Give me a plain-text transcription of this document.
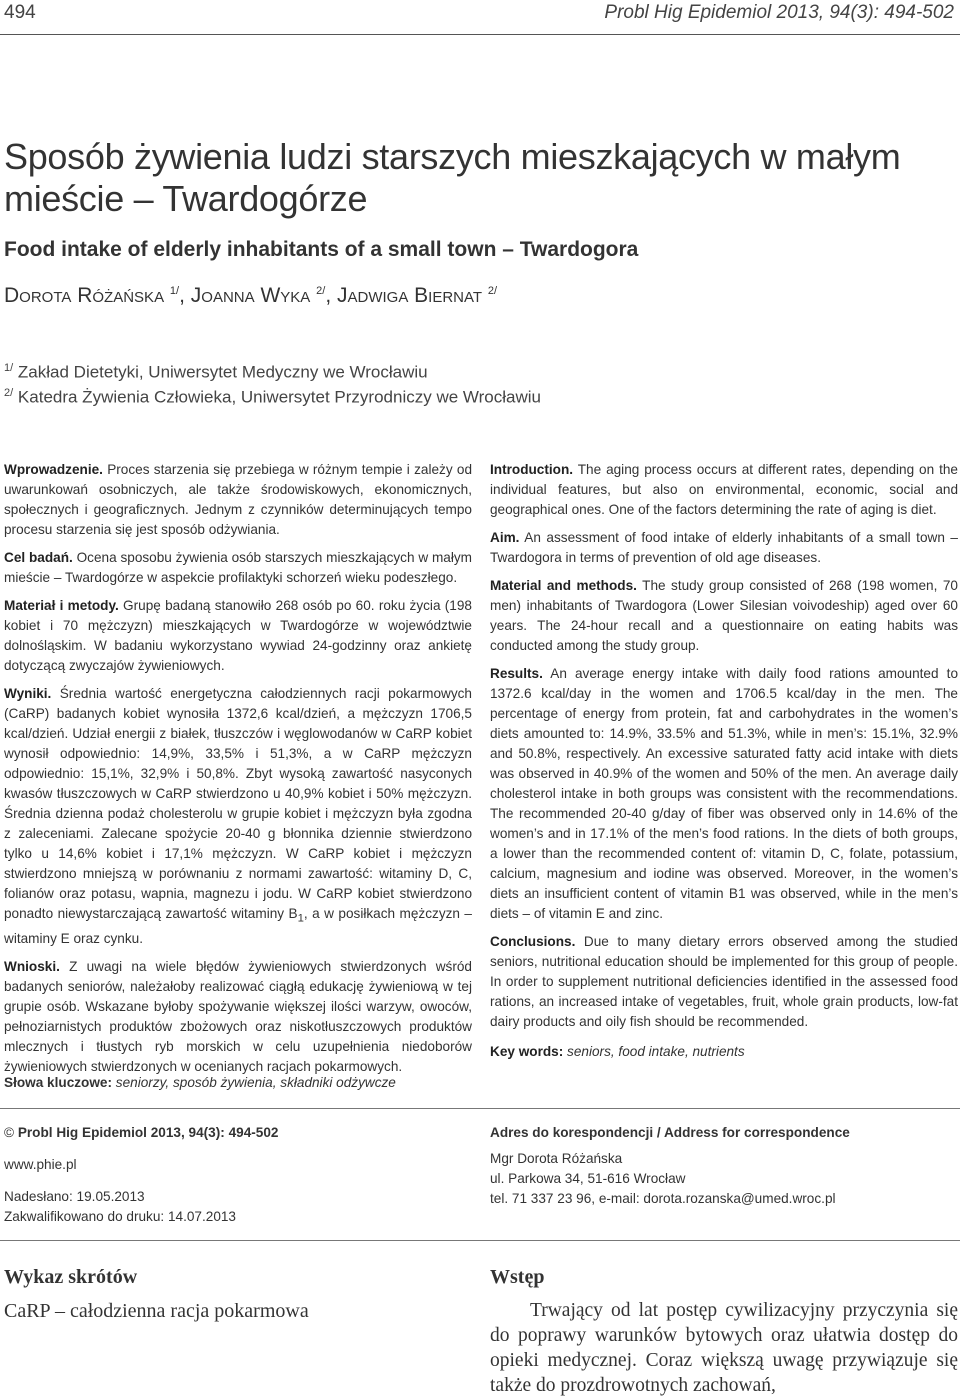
494	Probl Hig Epidemiol 2013, 94(3): 494-502
Sposób żywienia ludzi starszych mieszkających w małym mieście – Twardogórze
Food intake of elderly inhabitants of a small town – Twardogora
Dorota Różańska $^{1/}$, Joanna Wyka $^{2/}$, Jadwiga Biernat $^{2/}$
$^{1/}$ Zakład Dietetyki, Uniwersytet Medyczny we Wrocławiu
$^{2/}$ Katedra Żywienia Człowieka, Uniwersytet Przyrodniczy we Wrocławiu

Wprowadzenie. Proces starzenia się przebiega w różnym tempie i zależy od uwarunkowań osobniczych, ale także środowiskowych, ekonomicznych, społecznych i geograficznych. Jednym z czynników determinujących tempo procesu starzenia się jest sposób odżywiania.

Cel badań. Ocena sposobu żywienia osób starszych mieszkających w małym mieście – Twardogórze w aspekcie profilaktyki schorzeń wieku podeszłego.

Materiał i metody. Grupę badaną stanowiło 268 osób po 60. roku życia (198 kobiet i 70 mężczyzn) mieszkających w Twardogórze w województwie dolnośląskim. W badaniu wykorzystano wywiad 24-godzinny oraz ankietę dotyczącą zwyczajów żywieniowych.

Wyniki. Średnia wartość energetyczna całodziennych racji pokarmowych (CaRP) badanych kobiet wynosiła 1372,6 kcal/dzień, a mężczyzn 1706,5 kcal/dzień. Udział energii z białek, tłuszczów i węglowodanów w CaRP kobiet wynosił odpowiednio: 14,9%, 33,5% i 51,3%, a w CaRP mężczyzn odpowiednio: 15,1%, 32,9% i 50,8%. Zbyt wysoką zawartość nasyconych kwasów tłuszczowych w CaRP stwierdzono u 40,9% kobiet i 50% mężczyzn. Średnia dzienna podaż cholesterolu w grupie kobiet i mężczyzn była zgodna z zaleceniami. Zalecane spożycie 20-40 g błonnika dziennie stwierdzono tylko u 14,6% kobiet i 17,1% mężczyzn. W CaRP kobiet i mężczyzn stwierdzono mniejszą w porównaniu z normami zawartość: witaminy D, C, folianów oraz potasu, wapnia, magnezu i jodu. W CaRP kobiet stwierdzono ponadto niewystarczającą zawartość witaminy $B_1$, a w posiłkach mężczyzn – witaminy E oraz cynku.

Wnioski. Z uwagi na wiele błędów żywieniowych stwierdzonych wśród badanych seniorów, należałoby realizować ciągłą edukację żywieniową w tej grupie osób. Wskazane byłoby spożywanie większej ilości warzyw, owoców, pełnoziarnistych produktów zbożowych oraz niskotłuszczowych produktów mlecznych i tłustych ryb morskich w celu uzupełnienia niedoborów żywieniowych stwierdzonych w ocenianych racjach pokarmowych.

Słowa kluczowe: seniorzy, sposób żywienia, składniki odżywcze

Introduction. The aging process occurs at different rates, depending on the individual features, but also on environmental, economic, social and geographical ones. One of the factors determining the rate of aging is diet.

Aim. An assessment of food intake of elderly inhabitants of a small town – Twardogora in terms of prevention of old age diseases.

Material and methods. The study group consisted of 268 (198 women, 70 men) inhabitants of Twardogora (Lower Silesian voivodeship) aged over 60 years. The 24-hour recall and a questionnaire on eating habits was conducted among the study group.

Results. An average energy intake with daily food rations amounted to 1372.6 kcal/day in the women and 1706.5 kcal/day in the men. The percentage of energy from protein, fat and carbohydrates in the women’s diets amounted to: 14.9%, 33.5% and 51.3%, while in men’s: 15.1%, 32.9% and 50.8%, respectively. An excessive saturated fatty acid intake with diets was observed in 40.9% of the women and 50% of the men. An average daily cholesterol intake in both groups was consistent with the recommendations. The recommended 20-40 g/day of fiber was observed only in 14.6% of the women’s and in 17.1% of the men’s food rations. In the diets of both groups, a lower than the recommended content of: vitamin D, C, folate, potassium, calcium, magnesium and iodine was observed. Moreover, in the women’s diets an insufficient content of vitamin B1 was observed, while in the men’s diets – of vitamin E and zinc.

Conclusions. Due to many dietary errors observed among the studied seniors, nutritional education should be implemented for this group of people. In order to supplement nutritional deficiencies identified in the assessed food rations, an increased intake of vegetables, fruit, whole grain products, low-fat dairy products and oily fish should be recommended.

Key words: seniors, food intake, nutrients

© Probl Hig Epidemiol 2013, 94(3): 494-502

www.phie.pl

Nadesłano: 19.05.2013

Zakwalifikowano do druku: 14.07.2013

Adres do korespondencji / Address for correspondence

Mgr Dorota Różańska

ul. Parkowa 34, 51-616 Wrocław

tel. 71 337 23 96, e-mail: dorota.rozanska@umed.wroc.pl

Wykaz skrótów
CaRP – całodzienna racja pokarmowa
Wstęp
Trwający od lat postęp cywilizacyjny przyczynia się do poprawy warunków bytowych oraz ułatwia dostęp do opieki medycznej. Coraz większą uwagę przywiązuje się także do prozdrowotnych zachowań,
